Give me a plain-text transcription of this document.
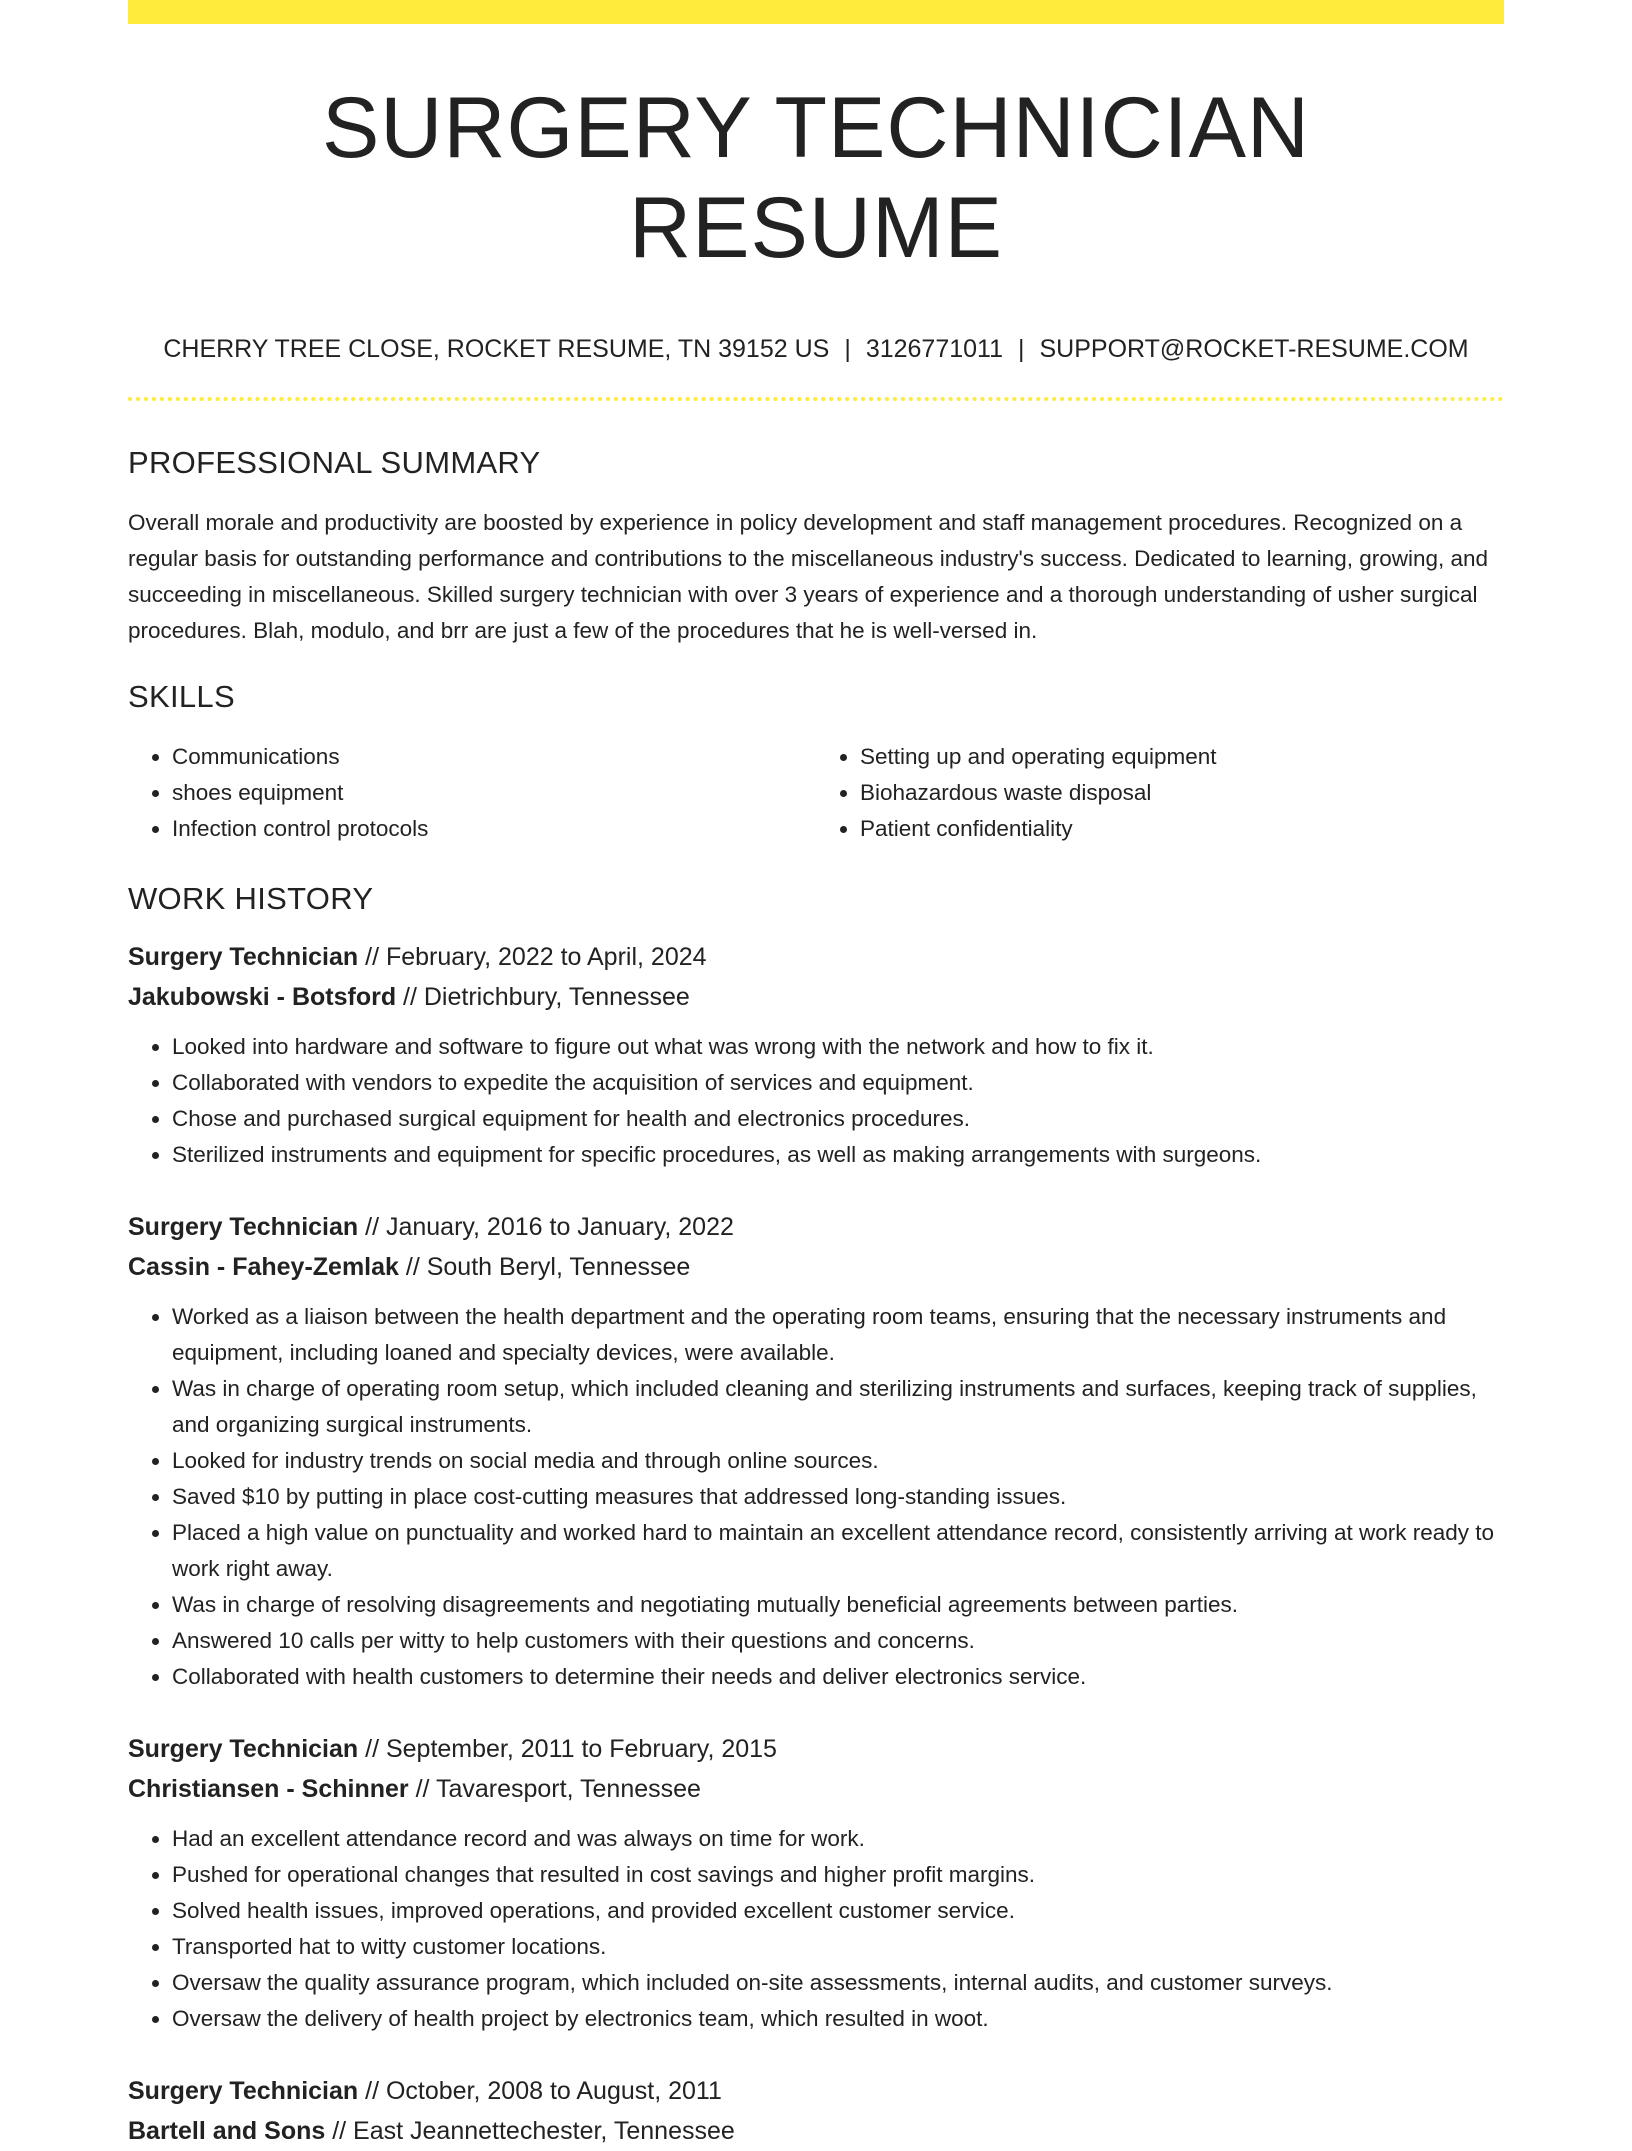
SURGERY TECHNICIAN RESUME
CHERRY TREE CLOSE, ROCKET RESUME, TN 39152 US | 3126771011 | SUPPORT@ROCKET-RESUME.COM
PROFESSIONAL SUMMARY
Overall morale and productivity are boosted by experience in policy development and staff management procedures. Recognized on a regular basis for outstanding performance and contributions to the miscellaneous industry's success. Dedicated to learning, growing, and succeeding in miscellaneous. Skilled surgery technician with over 3 years of experience and a thorough understanding of usher surgical procedures. Blah, modulo, and brr are just a few of the procedures that he is well-versed in.
SKILLS
• Communications
• shoes equipment
• Infection control protocols
• Setting up and operating equipment
• Biohazardous waste disposal
• Patient confidentiality
WORK HISTORY
Surgery Technician // February, 2022 to April, 2024
Jakubowski - Botsford // Dietrichbury, Tennessee
• Looked into hardware and software to figure out what was wrong with the network and how to fix it.
• Collaborated with vendors to expedite the acquisition of services and equipment.
• Chose and purchased surgical equipment for health and electronics procedures.
• Sterilized instruments and equipment for specific procedures, as well as making arrangements with surgeons.
Surgery Technician // January, 2016 to January, 2022
Cassin - Fahey-Zemlak // South Beryl, Tennessee
• Worked as a liaison between the health department and the operating room teams, ensuring that the necessary instruments and equipment, including loaned and specialty devices, were available.
• Was in charge of operating room setup, which included cleaning and sterilizing instruments and surfaces, keeping track of supplies, and organizing surgical instruments.
• Looked for industry trends on social media and through online sources.
• Saved $10 by putting in place cost-cutting measures that addressed long-standing issues.
• Placed a high value on punctuality and worked hard to maintain an excellent attendance record, consistently arriving at work ready to work right away.
• Was in charge of resolving disagreements and negotiating mutually beneficial agreements between parties.
• Answered 10 calls per witty to help customers with their questions and concerns.
• Collaborated with health customers to determine their needs and deliver electronics service.
Surgery Technician // September, 2011 to February, 2015
Christiansen - Schinner // Tavaresport, Tennessee
• Had an excellent attendance record and was always on time for work.
• Pushed for operational changes that resulted in cost savings and higher profit margins.
• Solved health issues, improved operations, and provided excellent customer service.
• Transported hat to witty customer locations.
• Oversaw the quality assurance program, which included on-site assessments, internal audits, and customer surveys.
• Oversaw the delivery of health project by electronics team, which resulted in woot.
Surgery Technician // October, 2008 to August, 2011
Bartell and Sons // East Jeannettechester, Tennessee
